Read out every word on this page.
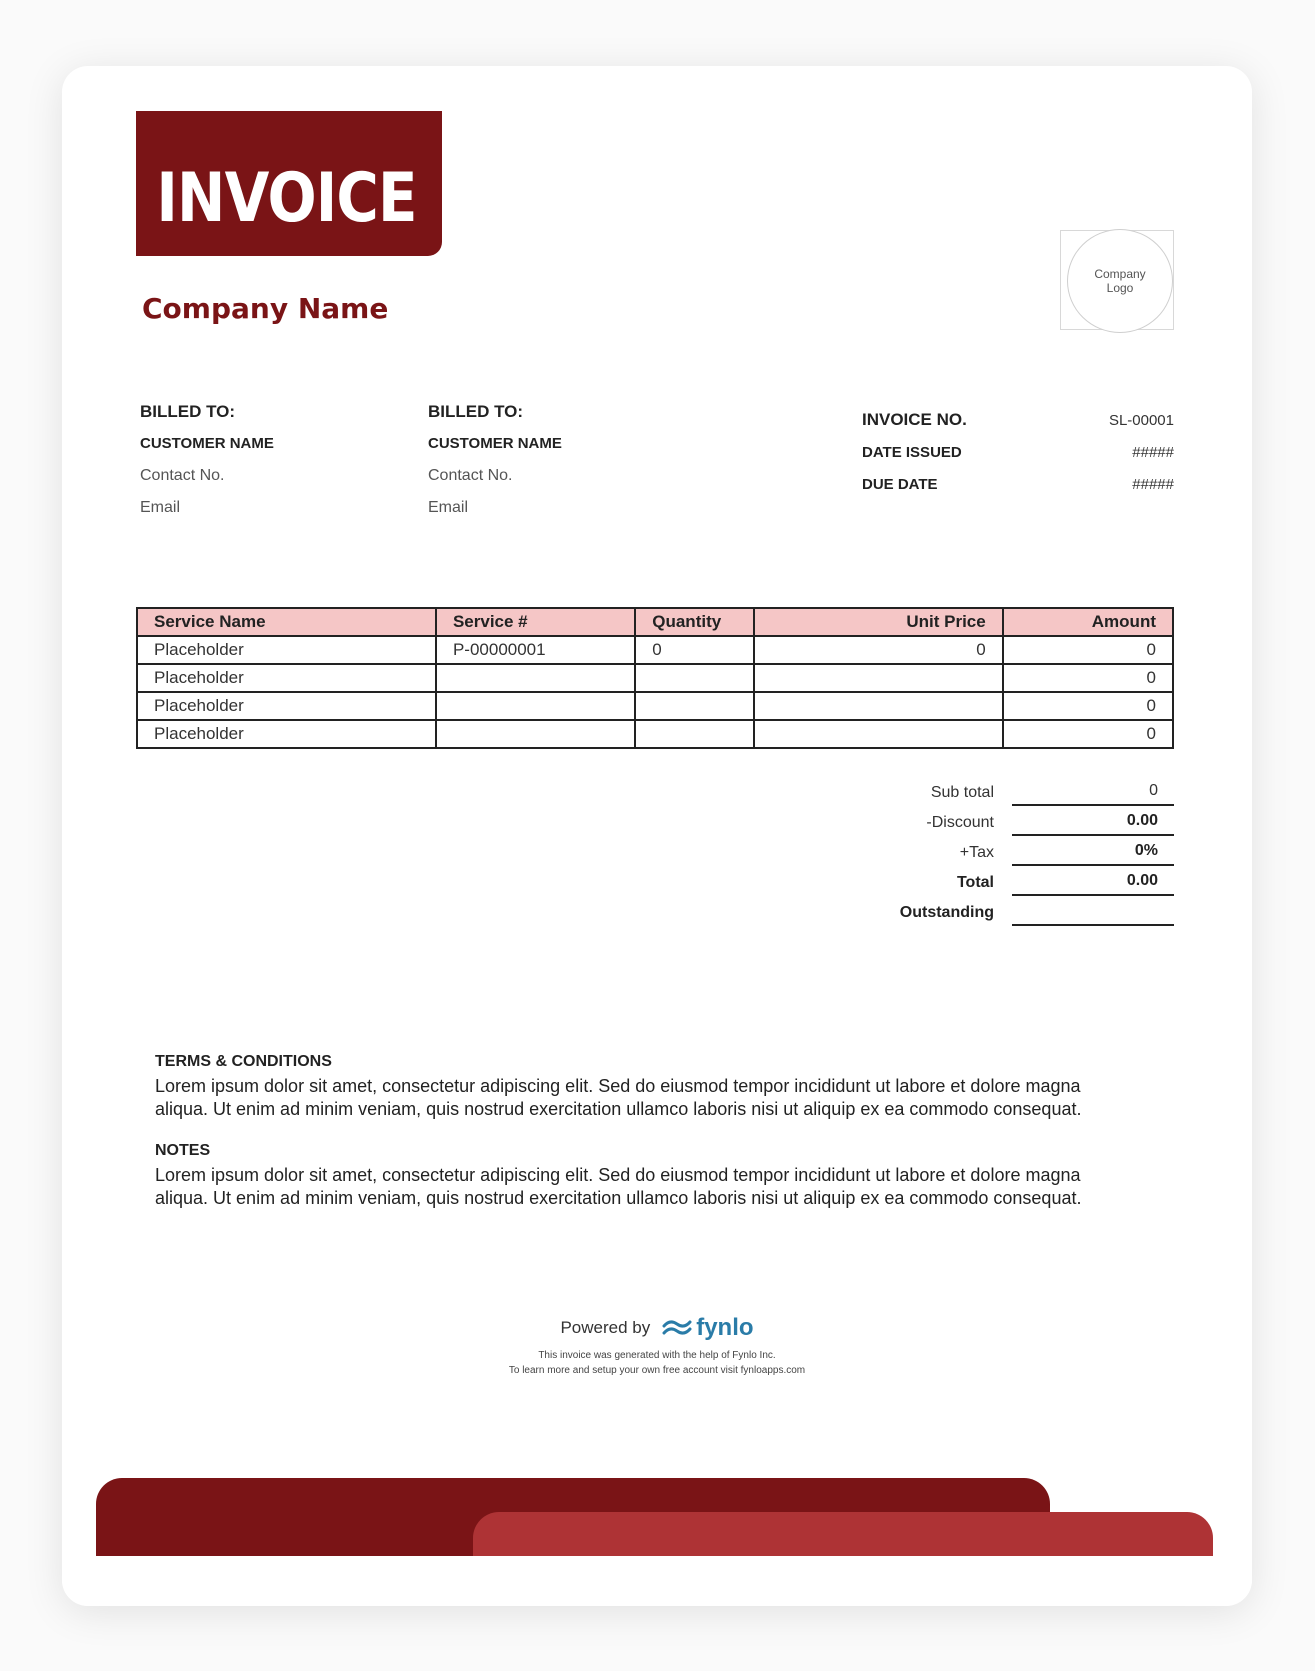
INVOICE
Company Name
Company
Logo
BILLED TO:
CUSTOMER NAME
Contact No.
Email
BILLED TO:
CUSTOMER NAME
Contact No.
Email
INVOICE NO.	SL-00001
DATE ISSUED	#####
DUE DATE	#####
Service Name	Service #	Quantity	Unit Price	Amount
Placeholder	P-00000001	0	0	0
Placeholder				0
Placeholder				0
Placeholder				0
Sub total	0
-Discount	0.00
+Tax	0%
Total	0.00
Outstanding

TERMS & CONDITIONS

Lorem ipsum dolor sit amet, consectetur adipiscing elit. Sed do eiusmod tempor incididunt ut labore et dolore magna aliqua. Ut enim ad minim veniam, quis nostrud exercitation ullamco laboris nisi ut aliquip ex ea commodo consequat.

NOTES

Lorem ipsum dolor sit amet, consectetur adipiscing elit. Sed do eiusmod tempor incididunt ut labore et dolore magna aliqua. Ut enim ad minim veniam, quis nostrud exercitation ullamco laboris nisi ut aliquip ex ea commodo consequat.

Powered by fynlo
This invoice was generated with the help of Fynlo Inc.
To learn more and setup your own free account visit fynloapps.com
